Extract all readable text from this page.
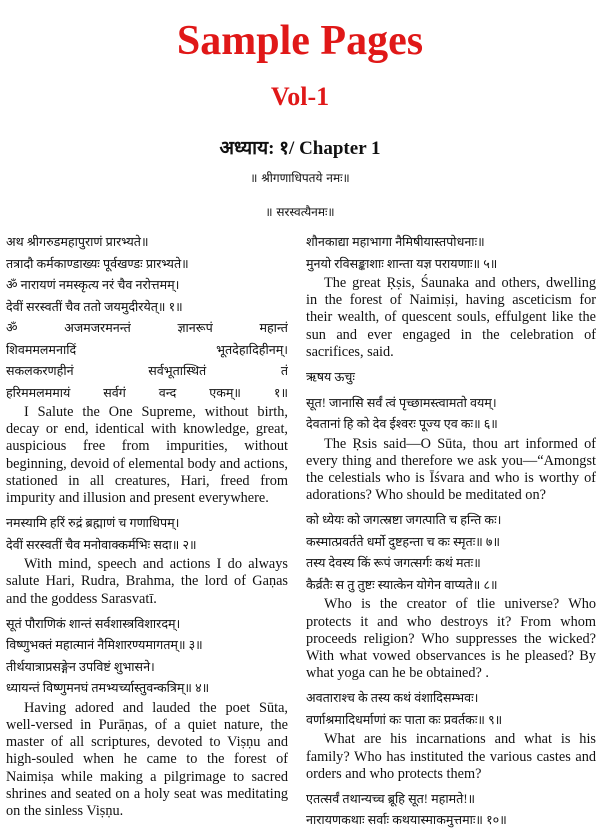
Sample Pages
Vol-1
अध्याय: १/ Chapter 1
॥ श्रीगणाधिपतये नमः॥
॥ सरस्वत्यैनमः॥
अथ श्रीगरुडमहापुराणं प्रारभ्यते॥
तत्रादौ कर्मकाण्डाख्यः पूर्वखण्डः प्रारभ्यते॥
ॐ नारायणं नमस्कृत्य नरं चैव नरोत्तमम्।
देवीं सरस्वतीं चैव ततो जयमुदीरयेत्॥ १॥
ॐ अजमजरमनन्तं ज्ञानरूपं महान्तं
शिवममलमनादिं भूतदेहादिहीनम्।
सकलकरणहीनं सर्वभूतास्थितं तं
हरिममलममायं सर्वगं वन्द एकम्॥ १॥

I Salute the One Supreme, without birth, decay or end, identical with knowledge, great, auspicious free from impurities, without beginning, devoid of elemental body and actions, stationed in all creatures, Hari, freed from impurity and illusion and present everywhere.

नमस्यामि हरिं रुद्रं ब्रह्माणं च गणाधिपम्।
देवीं सरस्वतीं चैव मनोवाक्कर्मभिः सदा॥ २॥

With mind, speech and actions I do always salute Hari, Rudra, Brahma, the lord of Gaṇas and the goddess Sarasvatī.

सूतं पौराणिकं शान्तं सर्वशास्त्रविशारदम्।
विष्णुभक्तं महात्मानं नैमिशारण्यमागतम्॥ ३॥
तीर्थयात्राप्रसङ्गेन उपविष्टं शुभासने।
ध्यायन्तं विष्णुमनघं तमभ्यर्च्यास्तुवन्कत्रिम्॥ ४॥

Having adored and lauded the poet Sūta, well-versed in Purāṇas, of a quiet nature, the master of all scriptures, devoted to Viṣṇu and high-souled when he came to the forest of Naimiṣa while making a pilgrimage to sacred shrines and seated on a holy seat was meditating on the sinless Viṣṇu.

शौनकाद्या महाभागा नैमिषीयास्तपोधनाः॥
मुनयो रविसङ्काशाः शान्ता यज्ञ परायणाः॥ ५॥

The great Ṛṣis, Śaunaka and others, dwelling in the forest of Naimiṣi, having asceticism for their wealth, of quescent souls, effulgent like the sun and ever engaged in the celebration of sacrifices, said.

ऋषय ऊचुः
सूत! जानासि सर्वं त्वं पृच्छामस्त्वामतो वयम्।
देवतानां हि को देव ईश्वरः पूज्य एव कः॥ ६॥

The Ṛsis said—O Sūta, thou art informed of every thing and therefore we ask you—“Amongst the celestials who is Īśvara and who is worthy of adorations? Who should be meditated on?

को ध्येयः को जगत्स्रष्टा जगत्पाति च हन्ति कः।
कस्मात्प्रवर्तते धर्मो दुष्टहन्ता च कः स्मृतः॥ ७॥
तस्य देवस्य किं रूपं जगत्सर्गः कथं मतः॥
कैर्व्रतैः स तु तुष्टः स्यात्केन योगेन वाप्यते॥ ८॥

Who is the creator of tlie universe? Who protects it and who destroys it? From whom proceeds religion? Who suppresses the wicked? With what vowed observances is he pleased? By what yoga can he be obtained? .

अवताराश्च के तस्य कथं वंशादिसम्भवः।
वर्णाश्रमादिधर्माणां कः पाता कः प्रवर्तकः॥ ९॥

What are his incarnations and what is his family? Who has instituted the various castes and orders and who protects them?

एतत्सर्वं तथान्यच्च ब्रूहि सूत! महामते!॥
नारायणकथाः सर्वाः कथयास्माकमुत्तमाः॥ १०॥
